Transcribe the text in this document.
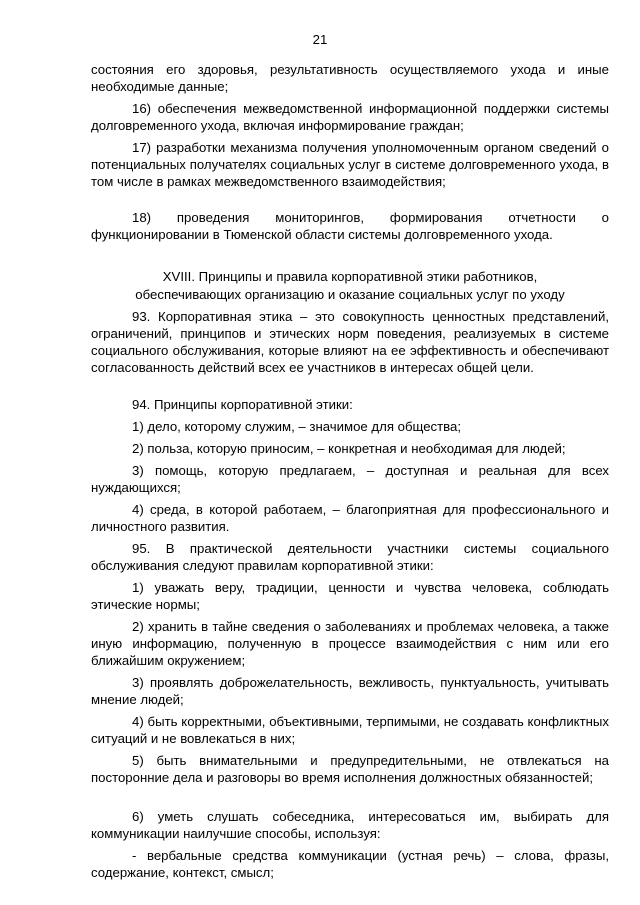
21
состояния его здоровья, результативность осуществляемого ухода и иные необходимые данные;
16) обеспечения межведомственной информационной поддержки системы долговременного ухода, включая информирование граждан;
17) разработки механизма получения уполномоченным органом сведений о потенциальных получателях социальных услуг в системе долговременного ухода, в том числе в рамках межведомственного взаимодействия;
18) проведения мониторингов, формирования отчетности о функционировании в Тюменской области системы долговременного ухода.
XVIII. Принципы и правила корпоративной этики работников,
обеспечивающих организацию и оказание социальных услуг по уходу
93. Корпоративная этика – это совокупность ценностных представлений, ограничений, принципов и этических норм поведения, реализуемых в системе социального обслуживания, которые влияют на ее эффективность и обеспечивают согласованность действий всех ее участников в интересах общей цели.
94. Принципы корпоративной этики:
1) дело, которому служим, – значимое для общества;
2) польза, которую приносим, – конкретная и необходимая для людей;
3) помощь, которую предлагаем, – доступная и реальная для всех нуждающихся;
4) среда, в которой работаем, – благоприятная для профессионального и личностного развития.
95. В практической деятельности участники системы социального обслуживания следуют правилам корпоративной этики:
1) уважать веру, традиции, ценности и чувства человека, соблюдать этические нормы;
2) хранить в тайне сведения о заболеваниях и проблемах человека, а также иную информацию, полученную в процессе взаимодействия с ним или его ближайшим окружением;
3) проявлять доброжелательность, вежливость, пунктуальность, учитывать мнение людей;
4) быть корректными, объективными, терпимыми, не создавать конфликтных ситуаций и не вовлекаться в них;
5) быть внимательными и предупредительными, не отвлекаться на посторонние дела и разговоры во время исполнения должностных обязанностей;
6) уметь слушать собеседника, интересоваться им, выбирать для коммуникации наилучшие способы, используя:
- вербальные средства коммуникации (устная речь) – слова, фразы, содержание, контекст, смысл;
